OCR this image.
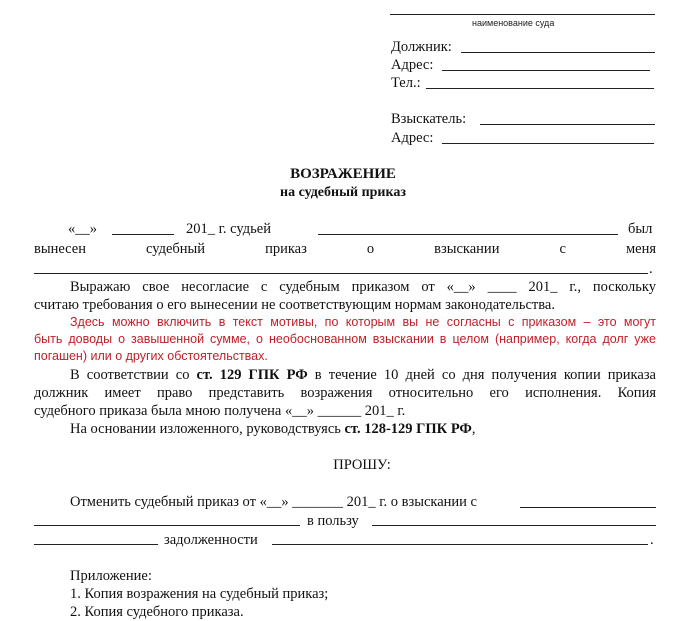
наименование суда
Должник:
Адрес:
Тел.:
Взыскатель:
Адрес:
ВОЗРАЖЕНИЕ
на судебный приказ
«__»	201_ г. судьей	был
вынесен	судебный	приказ	о	взыскании	с	меня
.
Выражаю свое несогласие с судебным приказом от «__» ____ 201_ г., поскольку
считаю требования о его вынесении не соответствующим нормам законодательства.
Здесь можно включить в текст мотивы, по которым вы не согласны с приказом – это могут
быть доводы о завышенной сумме, о необоснованном взыскании в целом (например, когда долг уже
погашен) или о других обстоятельствах.
В соответствии со ст. 129 ГПК РФ в течение 10 дней со дня получения копии приказа
должник имеет право представить возражения относительно его исполнения. Копия
судебного приказа была мною получена «__» ______ 201_ г.
На основании изложенного, руководствуясь ст. 128-129 ГПК РФ,
ПРОШУ:
Отменить судебный приказ от «__» _______ 201_ г. о взыскании с
в пользу
задолженности	.
Приложение:
1. Копия возражения на судебный приказ;
2. Копия судебного приказа.
